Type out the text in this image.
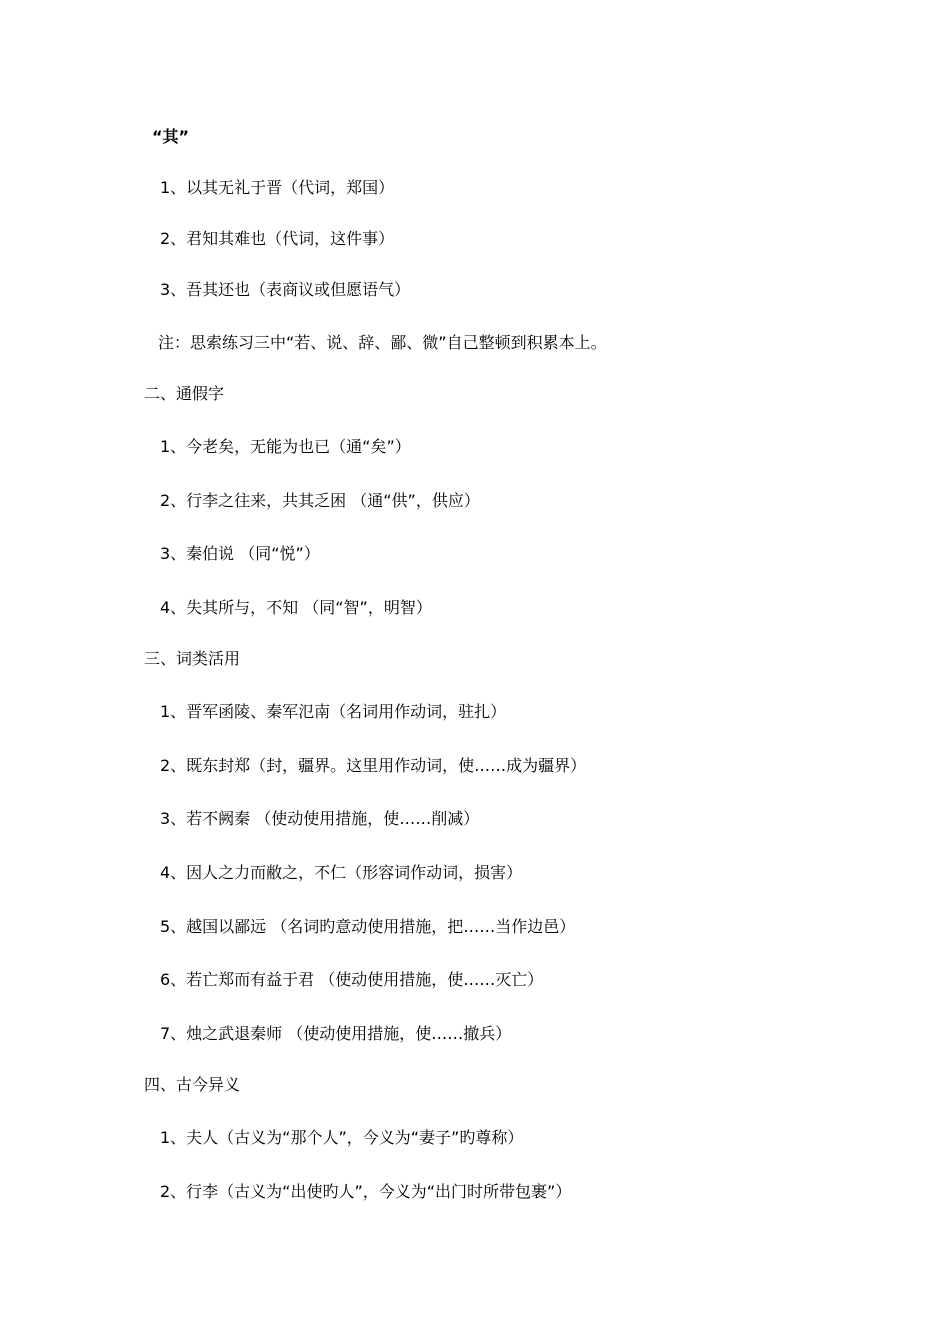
“其”
1、以其无礼于晋（代词，郑国）
2、君知其难也（代词，这件事）
3、吾其还也（表商议或但愿语气）
注：思索练习三中“若、说、辞、鄙、微”自己整顿到积累本上。
二、通假字
1、今老矣，无能为也已（通“矣”）
2、行李之往来，共其乏困 （通“供”，供应）
3、秦伯说 （同“悦”）
4、失其所与，不知 （同“智”，明智）
三、词类活用
1、晋军函陵、秦军氾南（名词用作动词，驻扎）
2、既东封郑（封，疆界。这里用作动词，使……成为疆界）
3、若不阙秦 （使动使用措施，使……削减）
4、因人之力而敝之，不仁（形容词作动词，损害）
5、越国以鄙远 （名词旳意动使用措施，把……当作边邑）
6、若亡郑而有益于君 （使动使用措施，使……灭亡）
7、烛之武退秦师 （使动使用措施，使……撤兵）
四、古今异义
1、夫人（古义为“那个人”，今义为“妻子”旳尊称）
2、行李（古义为“出使旳人”，今义为“出门时所带包裹”）
